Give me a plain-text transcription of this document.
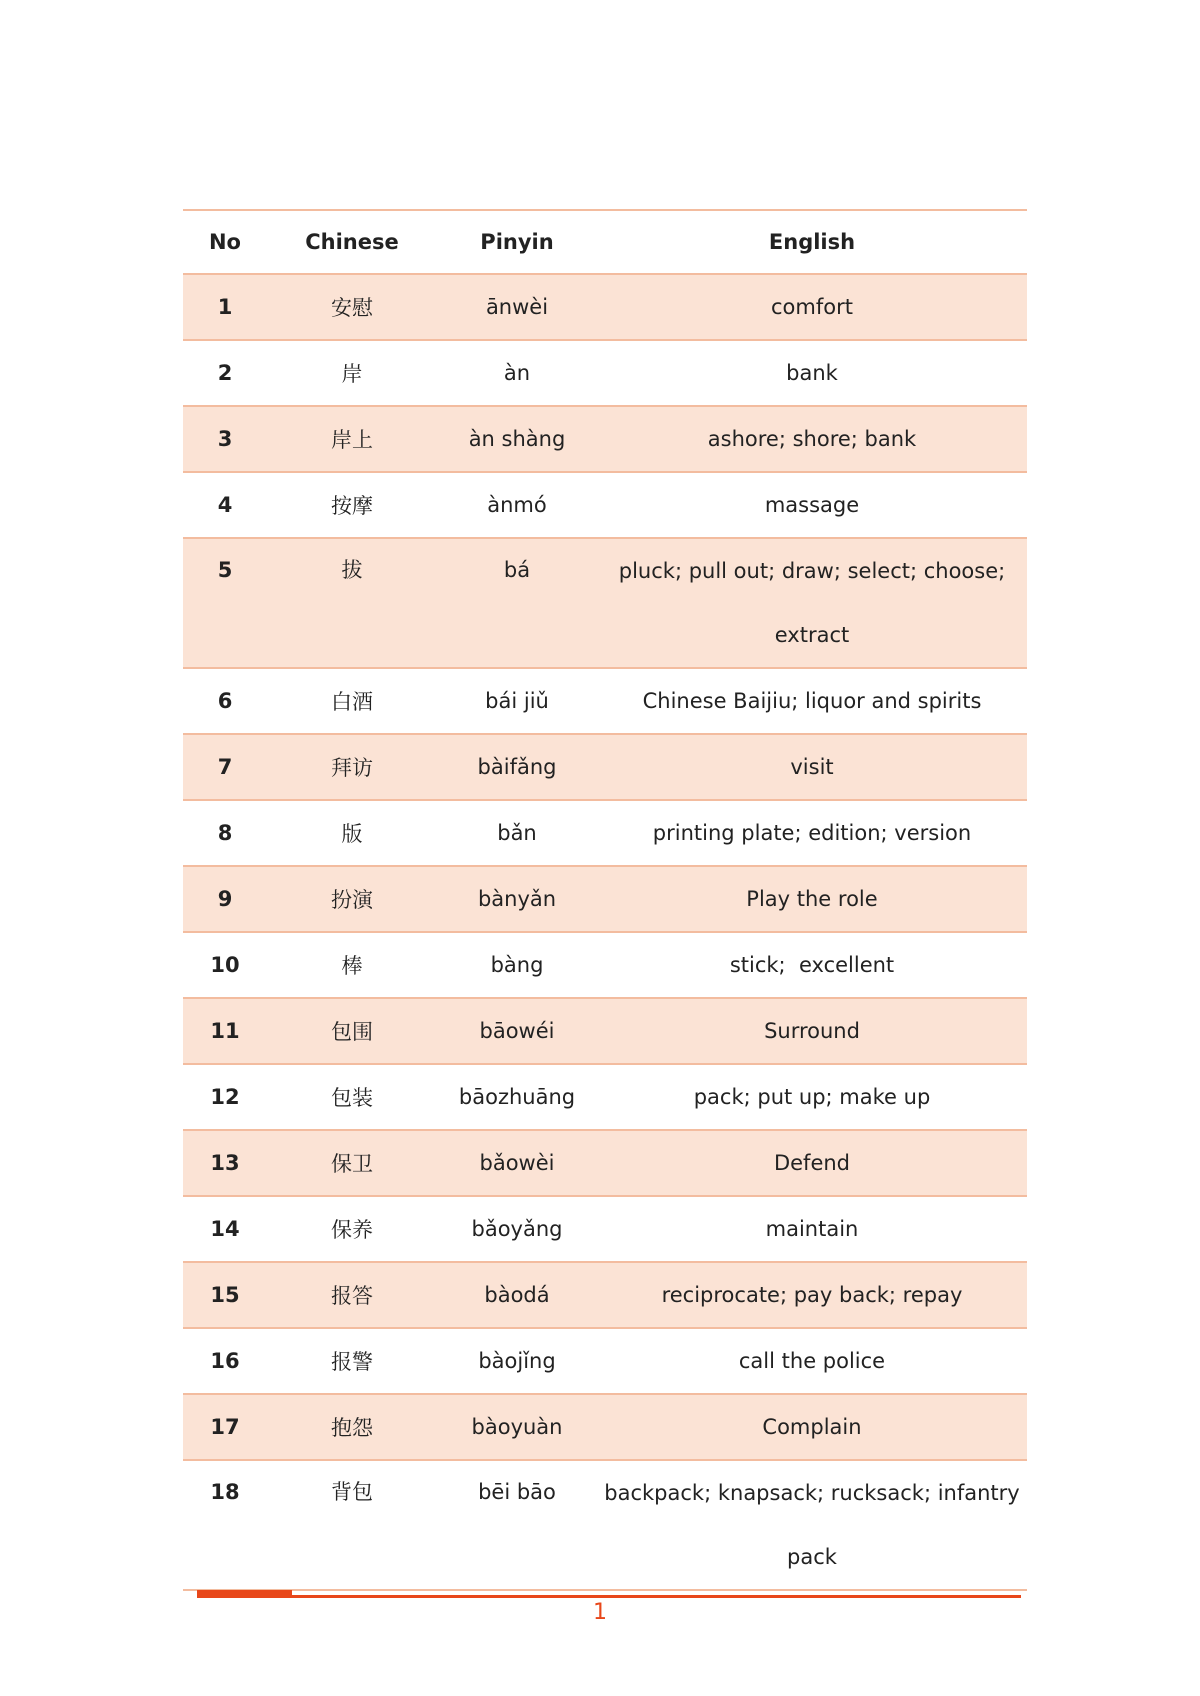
No	Chinese	Pinyin	English
1	安慰	ānwèi	comfort
2	岸	àn	bank
3	岸上	àn shàng	ashore; shore; bank
4	按摩	ànmó	massage
5	拔	bá	pluck; pull out; draw; select; choose; extract
6	白酒	bái jiǔ	Chinese Baijiu; liquor and spirits
7	拜访	bàifǎng	visit
8	版	bǎn	printing plate; edition; version
9	扮演	bànyǎn	Play the role
10	棒	bàng	stick;  excellent
11	包围	bāowéi	Surround
12	包装	bāozhuāng	pack; put up; make up
13	保卫	bǎowèi	Defend
14	保养	bǎoyǎng	maintain
15	报答	bàodá	reciprocate; pay back; repay
16	报警	bàojǐng	call the police
17	抱怨	bàoyuàn	Complain
18	背包	bēi bāo	backpack; knapsack; rucksack; infantry pack
1
